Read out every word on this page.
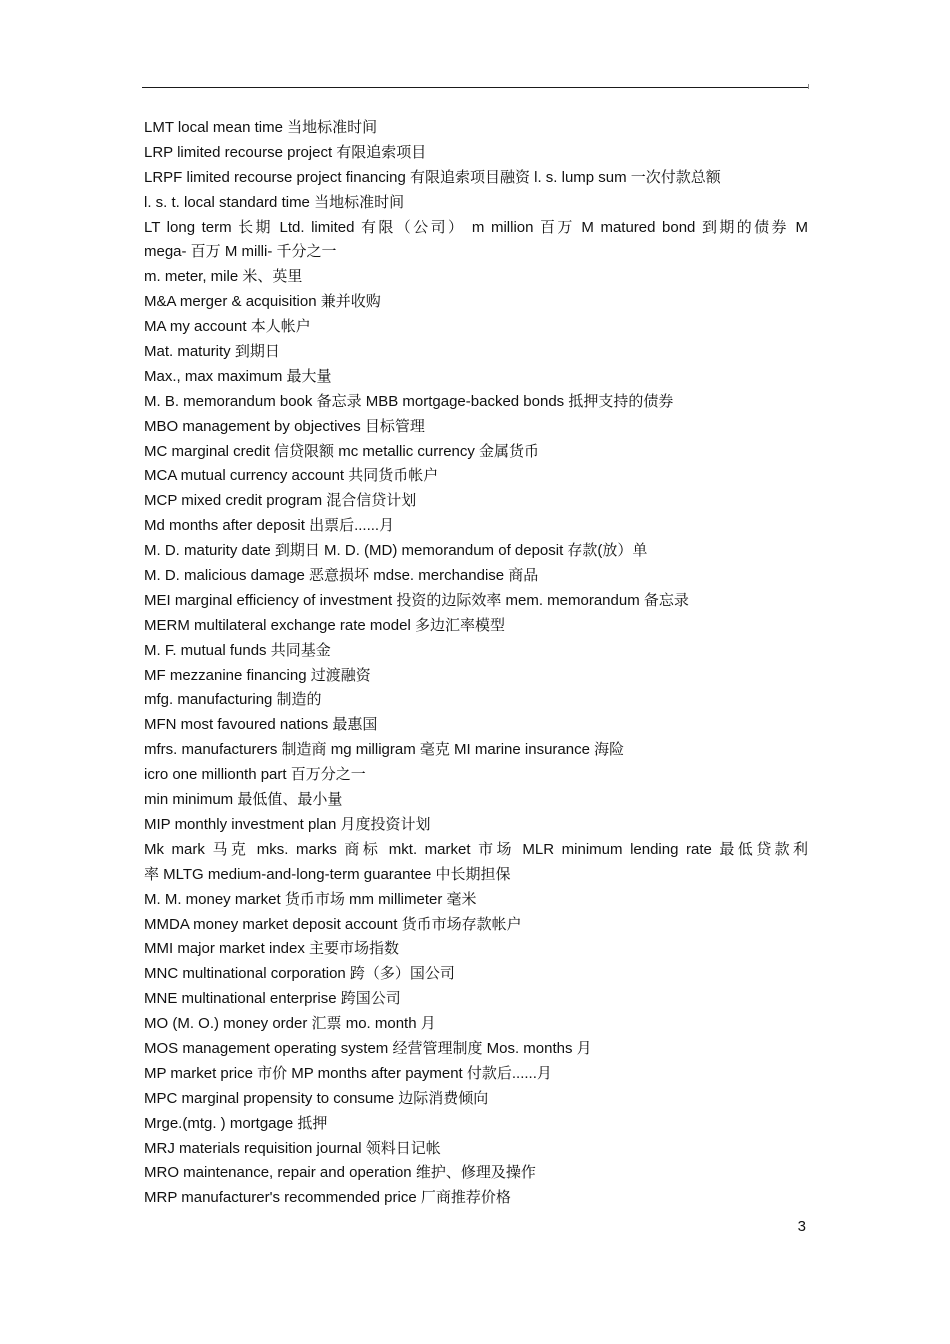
LMT local mean time 当地标准时间
LRP limited recourse project 有限追索项目
LRPF limited recourse project financing 有限追索项目融资 l. s. lump sum 一次付款总额
l. s. t. local standard time 当地标准时间
LT long term 长期 Ltd. limited 有限（公司） m million 百万 M matured bond 到期的债券 M
mega- 百万 M milli- 千分之一
m. meter, mile 米、英里
M&A merger & acquisition 兼并收购
MA my account 本人帐户
Mat. maturity 到期日
Max., max maximum 最大量
M. B. memorandum book 备忘录 MBB mortgage-backed bonds 抵押支持的债券
MBO management by objectives 目标管理
MC marginal credit 信贷限额 mc metallic currency 金属货币
MCA mutual currency account 共同货币帐户
MCP mixed credit program 混合信贷计划
Md months after deposit 出票后......月
M. D. maturity date 到期日 M. D. (MD) memorandum of deposit 存款(放）单
M. D. malicious damage 恶意损坏 mdse. merchandise 商品
MEI marginal efficiency of investment 投资的边际效率 mem. memorandum 备忘录
MERM multilateral exchange rate model 多边汇率模型
M. F. mutual funds 共同基金
MF mezzanine financing 过渡融资
mfg. manufacturing 制造的
MFN most favoured nations 最惠国
mfrs. manufacturers 制造商 mg milligram 毫克 MI marine insurance 海险
icro one millionth part 百万分之一
min minimum 最低值、最小量
MIP monthly investment plan 月度投资计划
Mk mark 马克 mks. marks 商标 mkt. market 市场 MLR minimum lending rate 最低贷款利
率 MLTG medium-and-long-term guarantee 中长期担保
M. M. money market 货币市场 mm millimeter 毫米
MMDA money market deposit account 货币市场存款帐户
MMI major market index 主要市场指数
MNC multinational corporation 跨（多）国公司
MNE multinational enterprise 跨国公司
MO (M. O.) money order 汇票 mo. month 月
MOS management operating system 经营管理制度 Mos. months 月
MP market price 市价 MP months after payment 付款后......月
MPC marginal propensity to consume 边际消费倾向
Mrge.(mtg. ) mortgage 抵押
MRJ materials requisition journal 领料日记帐
MRO maintenance, repair and operation 维护、修理及操作
MRP manufacturer's recommended price 厂商推荐价格
3
